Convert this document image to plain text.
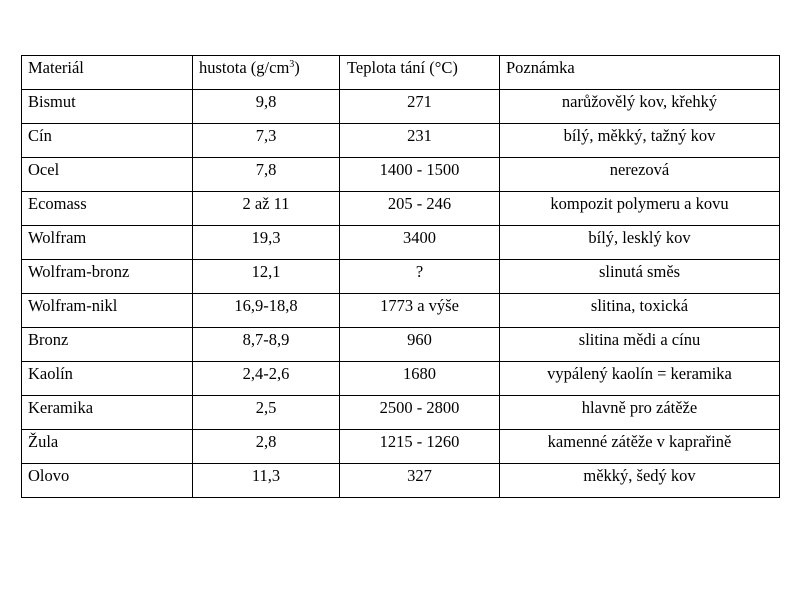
Materiál	hustota $(g/cm^3)$	Teplota tání (°C)	Poznámka
Bismut	9,8	271	narůžovělý kov, křehký
Cín	7,3	231	bílý, měkký, tažný kov
Ocel	7,8	1400 - 1500	nerezová
Ecomass	2 až 11	205 - 246	kompozit polymeru a kovu
Wolfram	19,3	3400	bílý, lesklý kov
Wolfram-bronz	12,1	?	slinutá směs
Wolfram-nikl	16,9-18,8	1773 a výše	slitina, toxická
Bronz	8,7-8,9	960	slitina mědi a cínu
Kaolín	2,4-2,6	1680	vypálený kaolín = keramika
Keramika	2,5	2500 - 2800	hlavně pro zátěže
Žula	2,8	1215 - 1260	kamenné zátěže v kaprařině
Olovo	11,3	327	měkký, šedý kov
